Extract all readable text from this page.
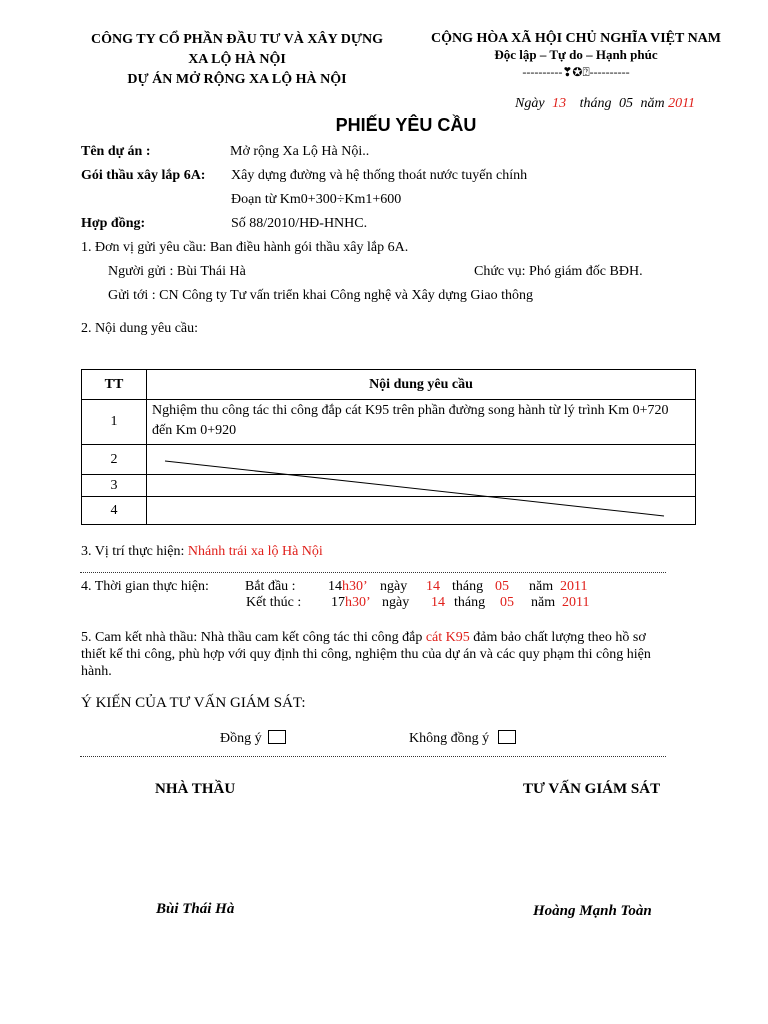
CÔNG TY CỔ PHẦN ĐẦU TƯ VÀ XÂY DỰNG
XA LỘ HÀ NỘI
DỰ ÁN MỞ RỘNG XA LỘ HÀ NỘI
CỘNG HÒA XÃ HỘI CHỦ NGHĨA VIỆT NAM
Độc lập – Tự do – Hạnh phúc
----------❣✪⍰----------
Ngày 13 tháng 05 năm 2011
PHIẾU YÊU CẦU
Tên dự án :	Mở rộng Xa Lộ Hà Nội..
Gói thầu xây lắp 6A: Xây dựng đường và hệ thống thoát nước tuyến chính
Đoạn từ Km0+300÷Km1+600
Hợp đồng:	Số 88/2010/HĐ-HNHC.
1. Đơn vị gửi yêu cầu: Ban điều hành gói thầu xây lắp 6A.
Người gửi : Bùi Thái Hà	Chức vụ: Phó giám đốc BĐH.
Gửi tới : CN Công ty Tư vấn triển khai Công nghệ và Xây dựng Giao thông
2. Nội dung yêu cầu:
TT	Nội dung yêu cầu
1	Nghiệm thu công tác thi công đắp cát K95 trên phần đường song hành từ lý trình Km 0+720 đến Km 0+920
2	
3	
4	
3. Vị trí thực hiện: Nhánh trái xa lộ Hà Nội
4. Thời gian thực hiện:	Bắt đầu : 14h30’ ngày 14 tháng 05 năm 2011
Kết thúc : 17h30’ ngày 14 tháng 05 năm 2011
5. Cam kết nhà thầu: Nhà thầu cam kết công tác thi công đắp cát K95 đảm bảo chất lượng theo hồ sơ
thiết kế thi công, phù hợp với quy định thi công, nghiệm thu của dự án và các quy phạm thi công hiện
hành.
Ý KIẾN CỦA TƯ VẤN GIÁM SÁT:
Đồng ý	Không đồng ý
NHÀ THẦU	TƯ VẤN GIÁM SÁT
Bùi Thái Hà	Hoàng Mạnh Toàn
